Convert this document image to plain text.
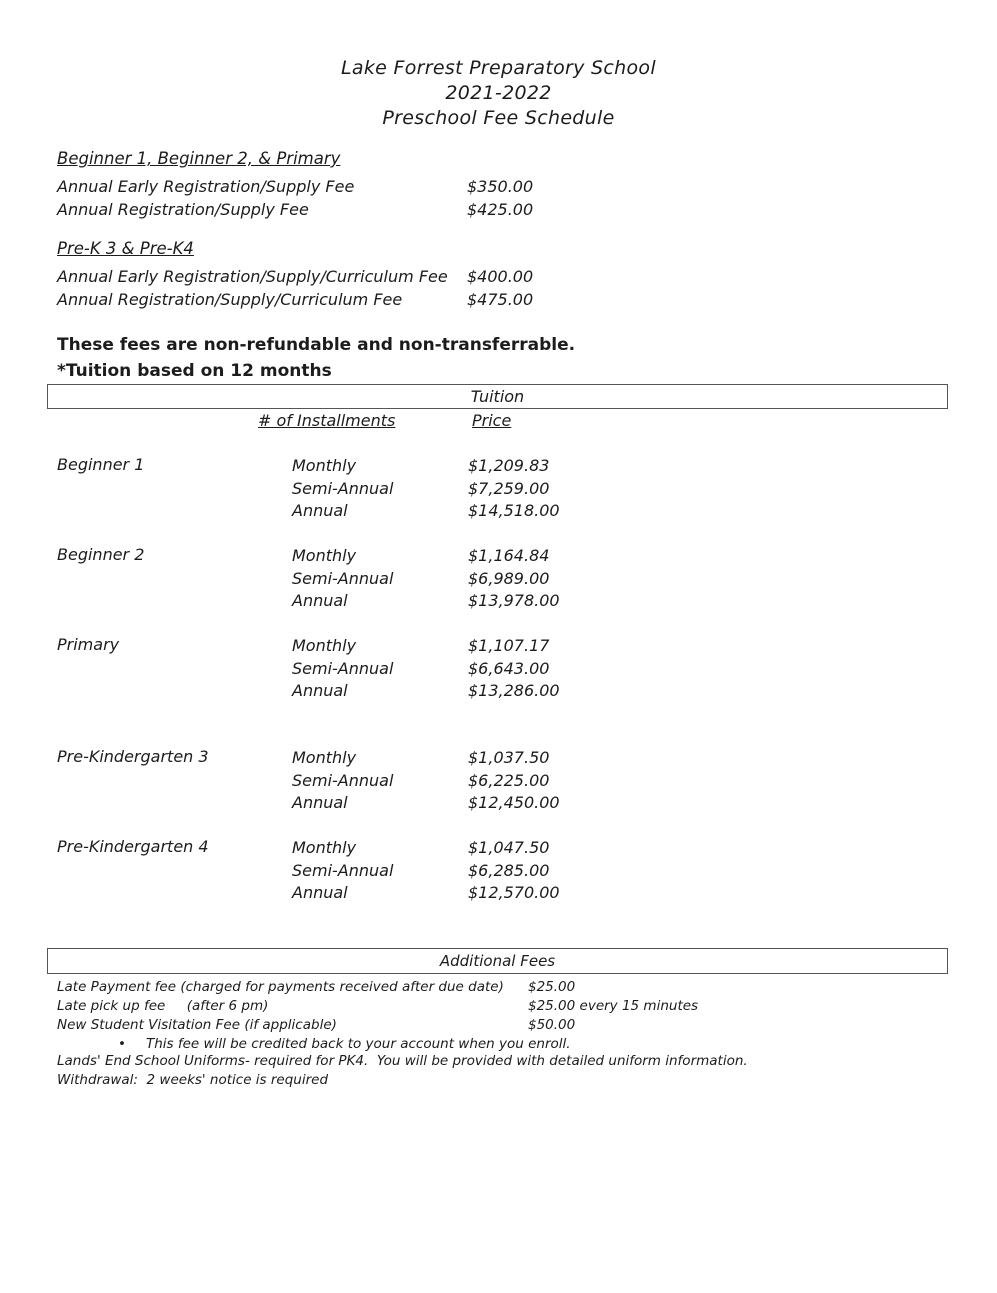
Lake Forrest Preparatory School
2021-2022
Preschool Fee Schedule
Beginner 1, Beginner 2, & Primary
Annual Early Registration/Supply Fee	$350.00
Annual Registration/Supply Fee	$425.00
Pre-K 3 & Pre-K4
Annual Early Registration/Supply/Curriculum Fee $400.00
Annual Registration/Supply/Curriculum Fee	$475.00
These fees are non-refundable and non-transferrable.
*Tuition based on 12 months
Tuition
# of Installments	Price
Beginner 1	Monthly	$1,209.83
Semi-Annual	$7,259.00
Annual	$14,518.00
Beginner 2	Monthly	$1,164.84
Semi-Annual	$6,989.00
Annual	$13,978.00
Primary	Monthly	$1,107.17
Semi-Annual	$6,643.00
Annual	$13,286.00
Pre-Kindergarten 3	Monthly	$1,037.50
Semi-Annual	$6,225.00
Annual	$12,450.00
Pre-Kindergarten 4	Monthly	$1,047.50
Semi-Annual	$6,285.00
Annual	$12,570.00
Additional Fees
Late Payment fee (charged for payments received after due date) $25.00
Late pick up fee     (after 6 pm)	$25.00 every 15 minutes
New Student Visitation Fee (if applicable)	$50.00
• This fee will be credited back to your account when you enroll.
Lands' End School Uniforms- required for PK4.  You will be provided with detailed uniform information.
Withdrawal:  2 weeks' notice is required
